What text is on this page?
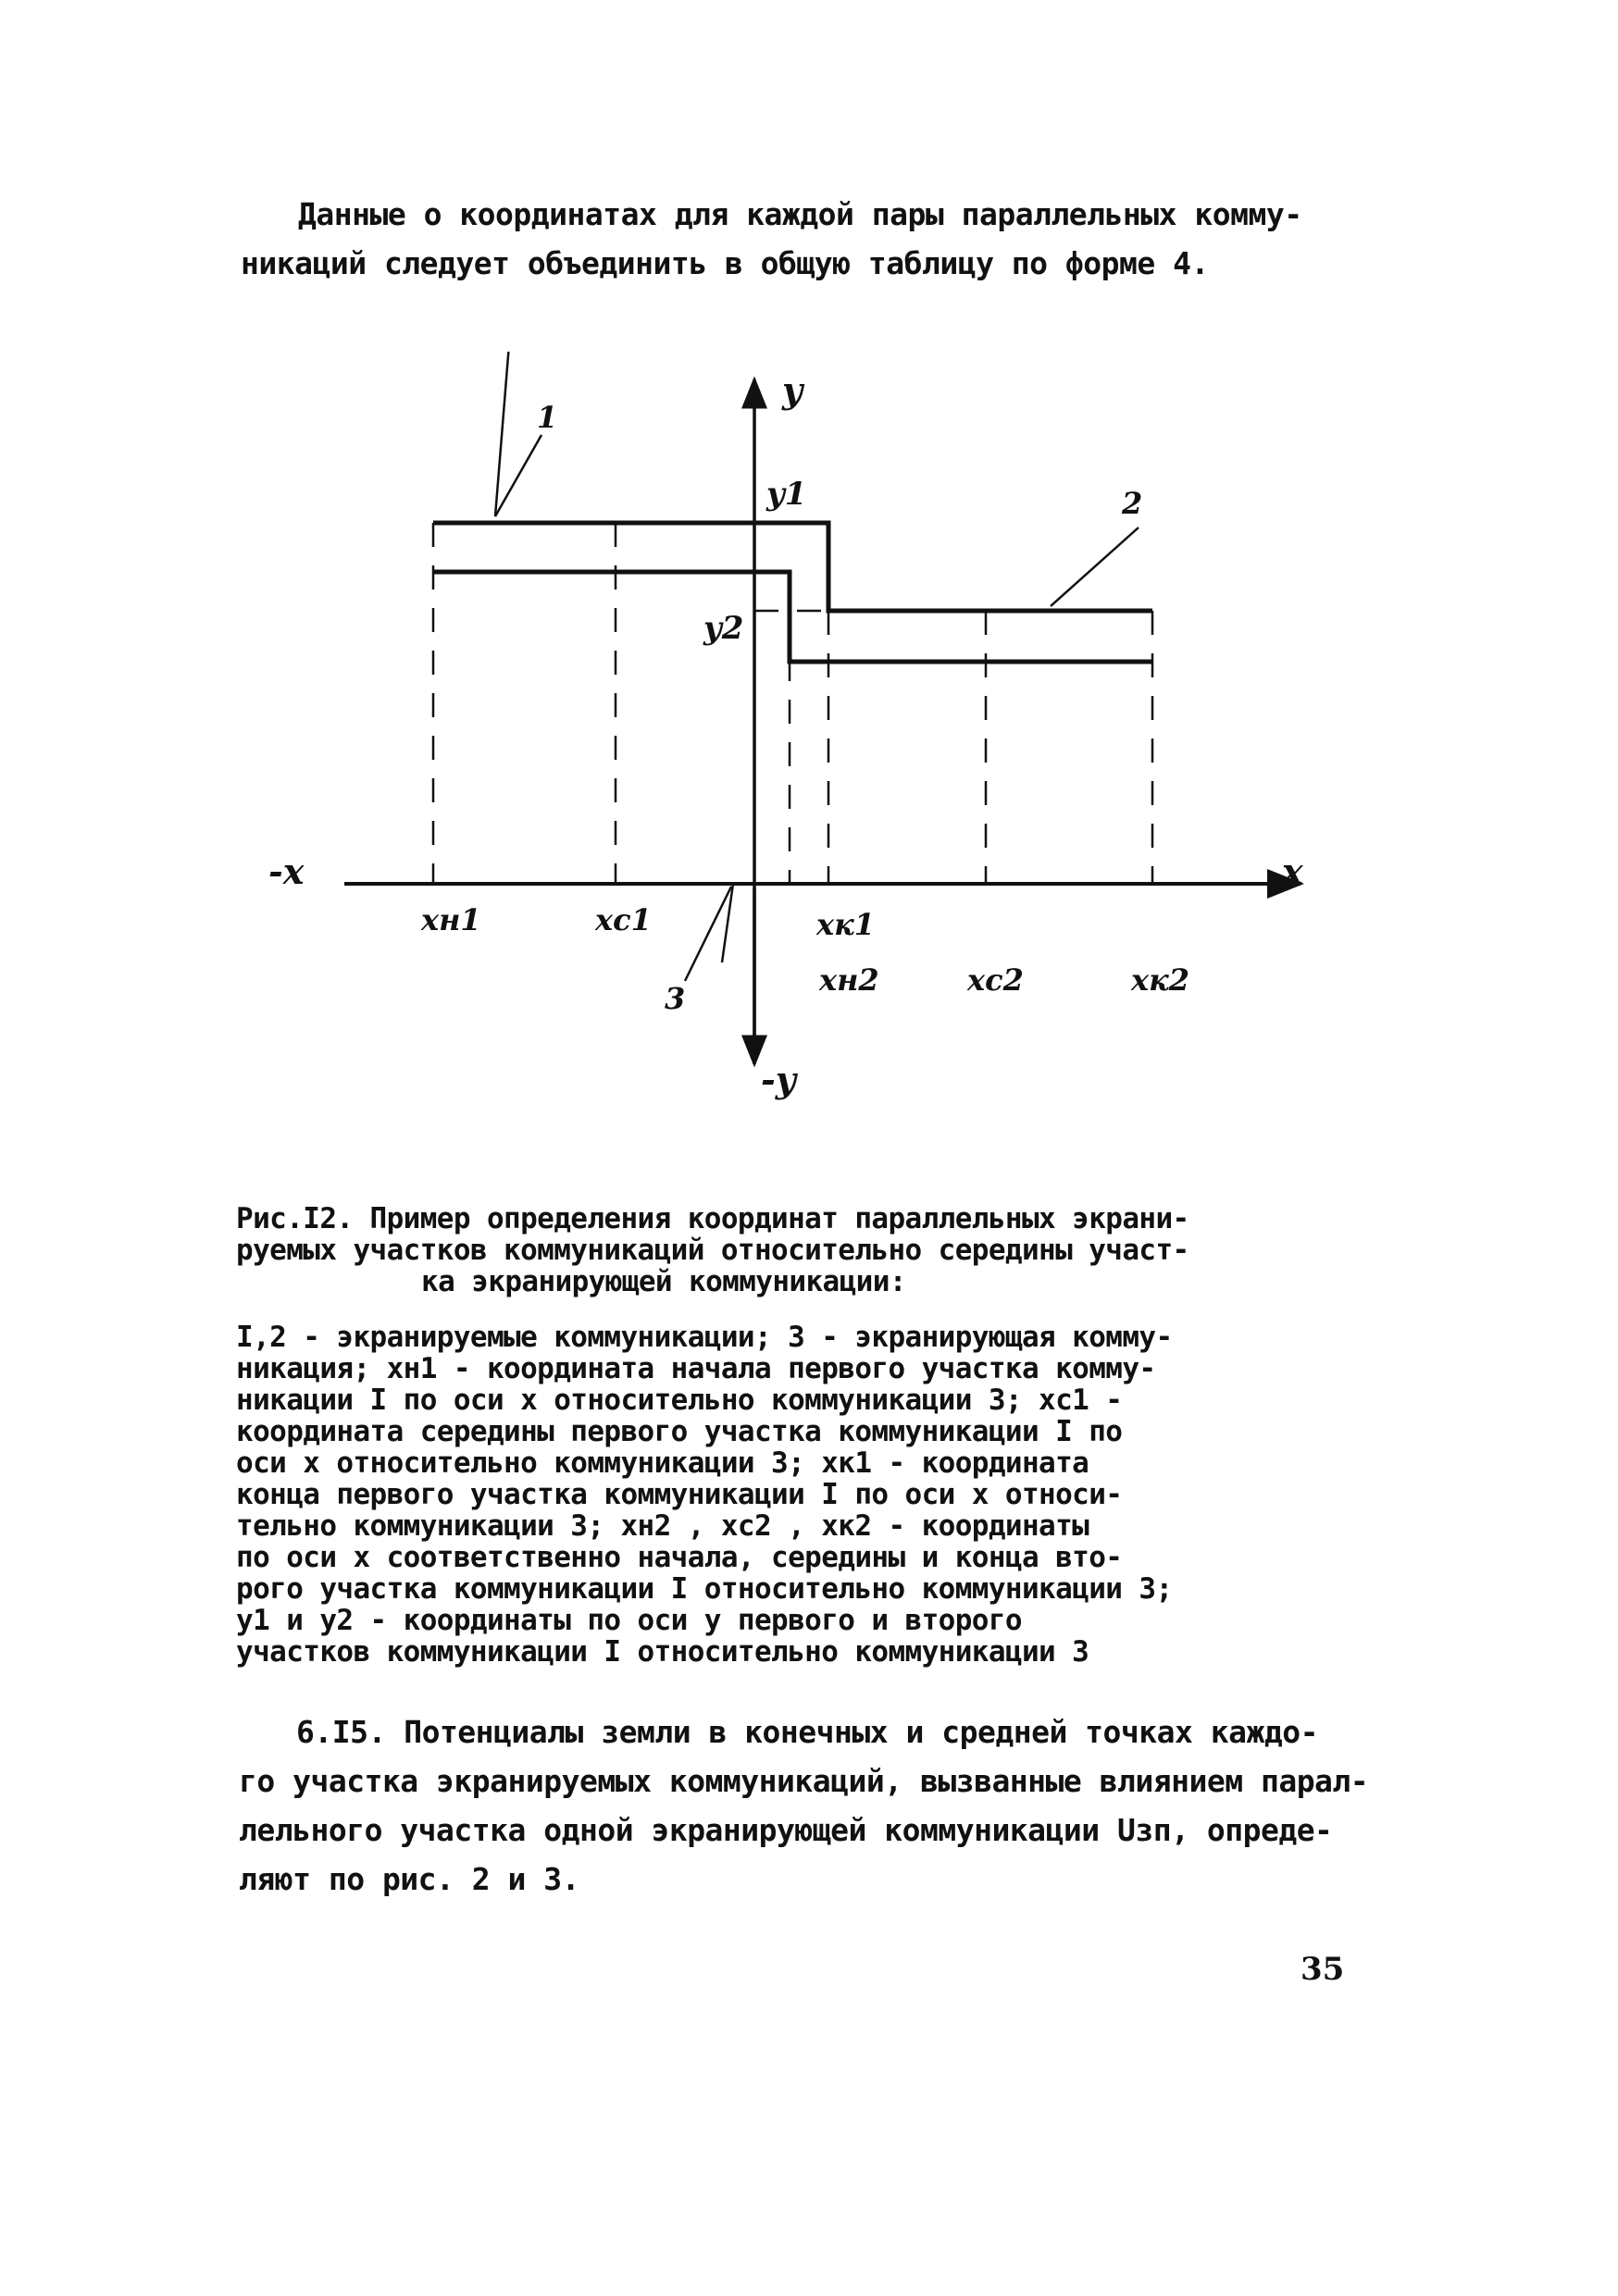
Данные о координатах для каждой пары параллельных комму-
никаций следует объединить в общую таблицу по форме 4.
y
-y
x
-x
y1
y2
xн1	xc1	xк1
xн2	xc2	xк2
1
2
3
Рис.I2. Пример определения координат параллельных экрани-
руемых участков коммуникаций относительно середины участ-
ка экранирующей коммуникации:
I,2 - экранируемые коммуникации; 3 - экранирующая комму-
никация; xн1 - координата начала первого участка комму-
никации I по оси x относительно коммуникации 3; xc1 -
координата середины первого участка коммуникации I по
оси x относительно коммуникации 3; xк1 - координата
конца первого участка коммуникации I по оси x относи-
тельно коммуникации 3; xн2 , xc2 , xк2 - координаты
по оси x соответственно начала, середины и конца вто-
рого участка коммуникации I относительно коммуникации 3;
y1 и y2 - координаты по оси y первого и второго
участков коммуникации I относительно коммуникации 3
6.I5. Потенциалы земли в конечных и средней точках каждо-
го участка экранируемых коммуникаций, вызванные влиянием парал-
лельного участка одной экранирующей коммуникации Uзп, опреде-
ляют по рис. 2 и 3.
35
